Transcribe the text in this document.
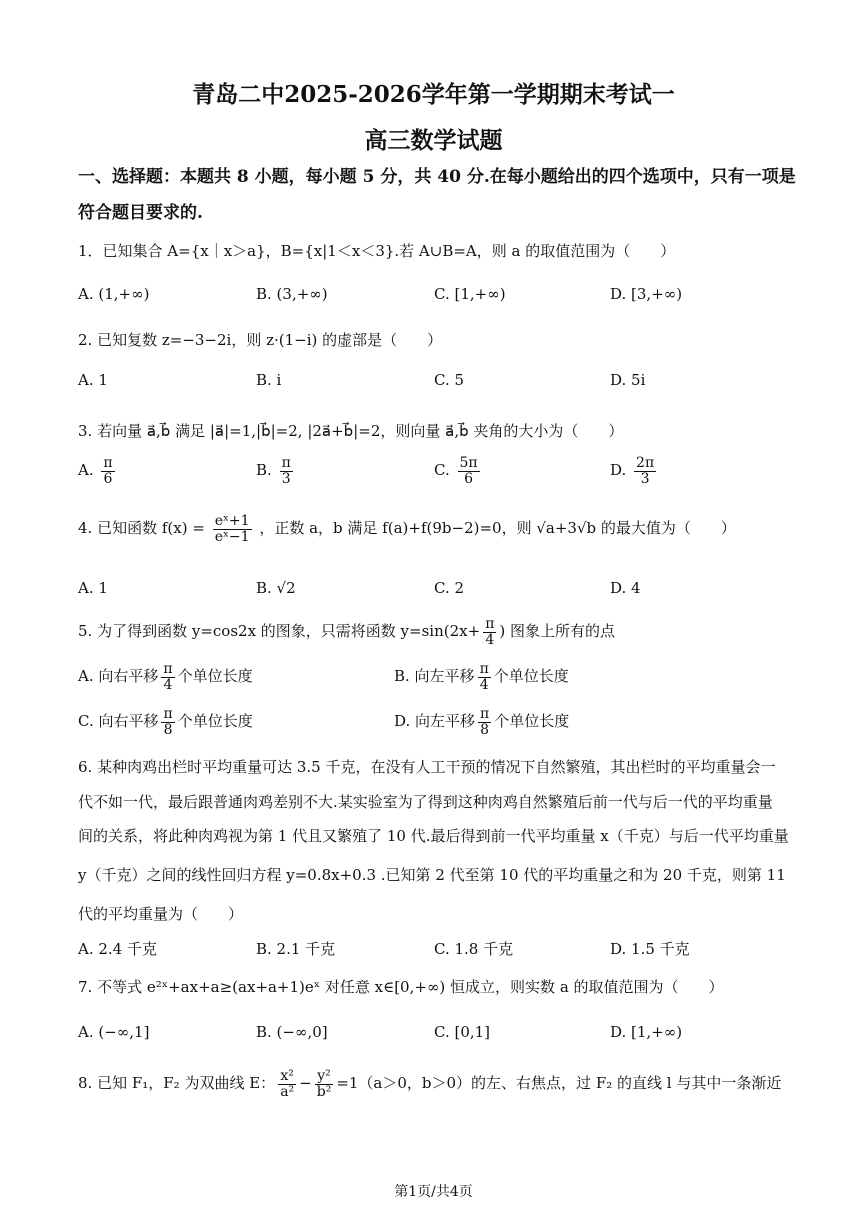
青岛二中2025-2026学年第一学期期末考试一
高三数学试题
一、选择题：本题共 8 小题，每小题 5 分，共 40 分.在每小题给出的四个选项中，只有一项是
符合题目要求的.
1．已知集合 A={x｜x＞a}，B={x|1＜x＜3}.若 A∪B=A，则 a 的取值范围为（　　）
A. (1,+∞)	B. (3,+∞)	C. [1,+∞)	D. [3,+∞)
2. 已知复数 z=−3−2i，则 z·(1−i) 的虚部是（　　）
A. 1	B. i	C. 5	D. 5i
3. 若向量 a⃗,b⃗ 满足 |a⃗|=1,|b⃗|=2, |2a⃗+b⃗|=2，则向量 a⃗,b⃗ 夹角的大小为（　　）
A. $\frac{\pi}{6}$	B. $\frac{\pi}{3}$	C. $\frac{5\pi}{6}$	D. $\frac{2\pi}{3}$
4. 已知函数 $f(x) = \frac{\text{eˣ+1}}{\text{eˣ−1}}$ ，正数 a，b 满足 f(a)+f(9b−2)=0，则 √a+3√b 的最大值为（　　）
A. 1	B. √2	C. 2	D. 4
5. 为了得到函数 y=cos2x 的图象，只需将函数 $y=\sin(2x+ \frac{\pi}{4}$ ) 图象上所有的点
A. 向右平移 $\frac{\pi}{4}$ 个单位长度	B. 向左平移 $\frac{\pi}{4}$ 个单位长度
C. 向右平移 $\frac{\pi}{8}$ 个单位长度	D. 向左平移 $\frac{\pi}{8}$ 个单位长度
6. 某种肉鸡出栏时平均重量可达 3.5 千克，在没有人工干预的情况下自然繁殖，其出栏时的平均重量会一
代不如一代，最后跟普通肉鸡差别不大.某实验室为了得到这种肉鸡自然繁殖后前一代与后一代的平均重量
间的关系，将此种肉鸡视为第 1 代且又繁殖了 10 代.最后得到前一代平均重量 x（千克）与后一代平均重量
y（千克）之间的线性回归方程 y=0.8x+0.3 .已知第 2 代至第 10 代的平均重量之和为 20 千克，则第 11
代的平均重量为（　　）
A. 2.4 千克	B. 2.1 千克	C. 1.8 千克	D. 1.5 千克
7. 不等式 e²ˣ+ax+a≥(ax+a+1)eˣ 对任意 x∈[0,+∞) 恒成立，则实数 a 的取值范围为（　　）
A. (−∞,1]	B. (−∞,0]	C. [0,1]	D. [1,+∞)
8. 已知 F₁，F₂ 为双曲线 E： $\frac{\text{x²}}{\text{a²}} - \frac{\text{y²}}{\text{b²}} =1(a>0$，b＞0）的左、右焦点，过 F₂ 的直线 l 与其中一条渐近
第1页/共4页
